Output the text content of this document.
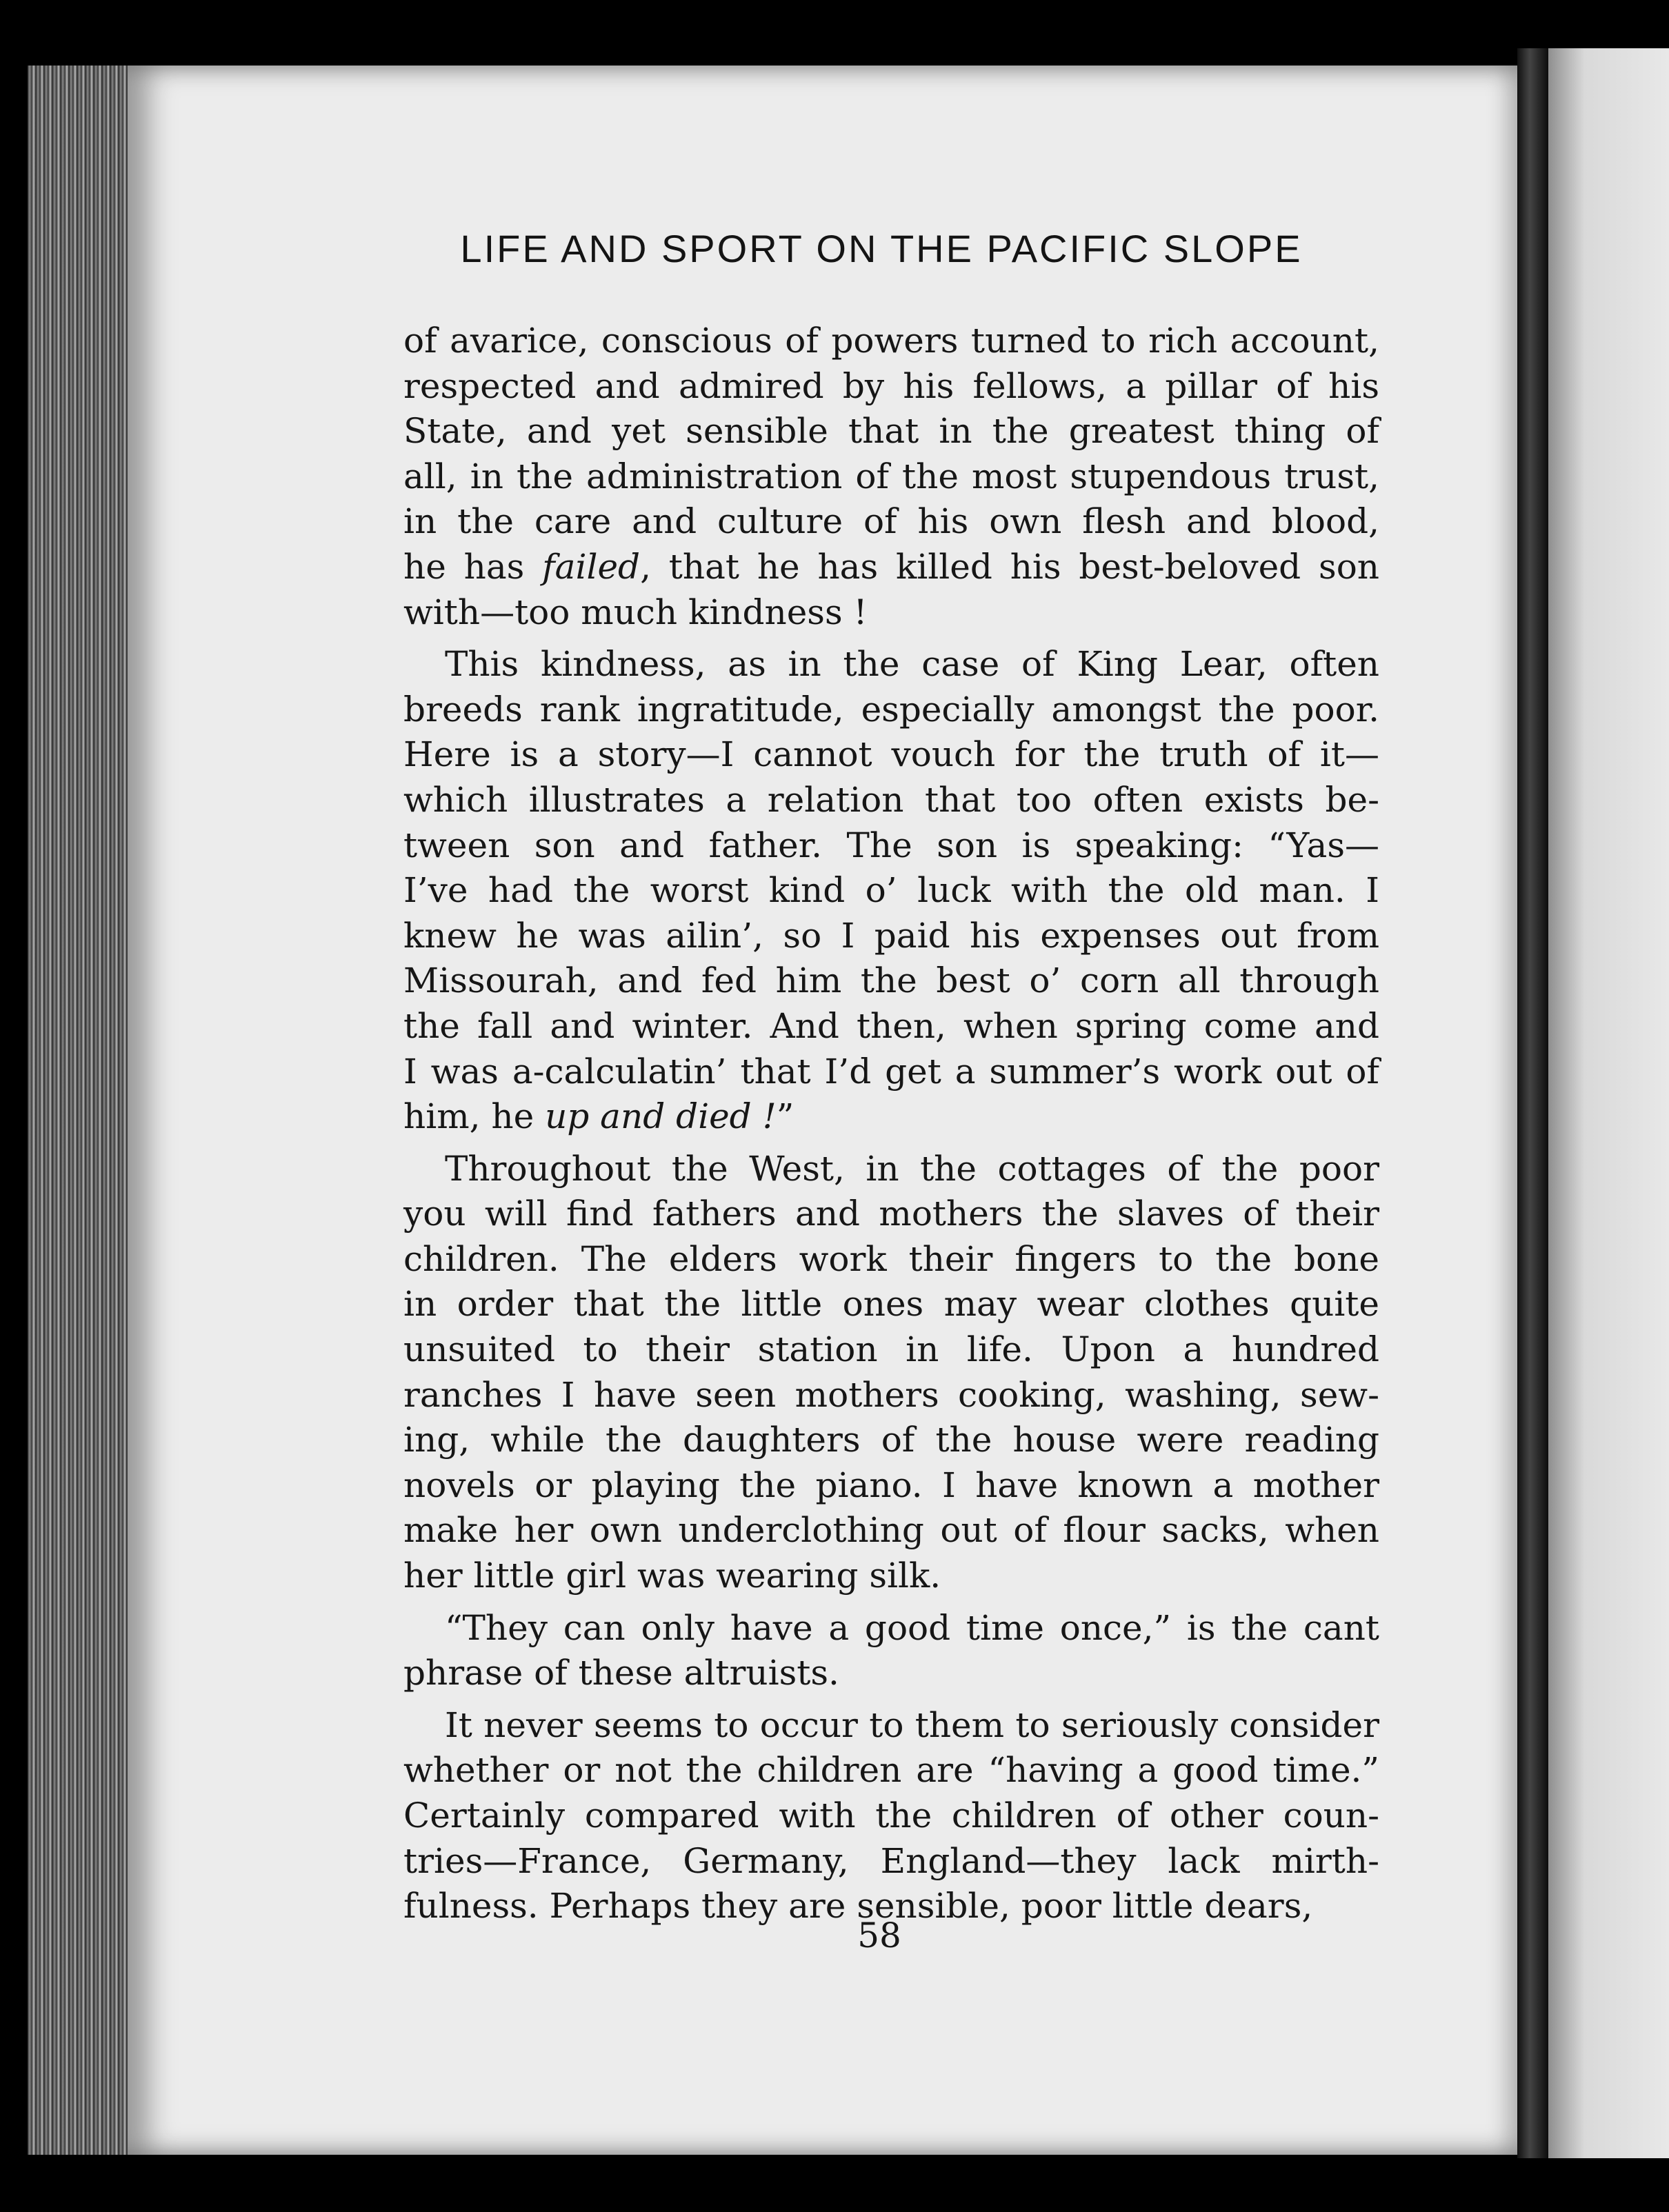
LIFE AND SPORT ON THE PACIFIC SLOPE
of avarice, conscious of powers turned to rich account,
respected and admired by his fellows, a pillar of his
State, and yet sensible that in the greatest thing of
all, in the administration of the most stupendous trust,
in the care and culture of his own flesh and blood,
he has failed, that he has killed his best-beloved son
with—too much kindness !
This kindness, as in the case of King Lear, often
breeds rank ingratitude, especially amongst the poor.
Here is a story—I cannot vouch for the truth of it—
which illustrates a relation that too often exists be-
tween son and father. The son is speaking: “Yas—
I’ve had the worst kind o’ luck with the old man. I
knew he was ailin’, so I paid his expenses out from
Missourah, and fed him the best o’ corn all through
the fall and winter. And then, when spring come and
I was a-calculatin’ that I’d get a summer’s work out of
him, he up and died !”
Throughout the West, in the cottages of the poor
you will find fathers and mothers the slaves of their
children. The elders work their fingers to the bone
in order that the little ones may wear clothes quite
unsuited to their station in life. Upon a hundred
ranches I have seen mothers cooking, washing, sew-
ing, while the daughters of the house were reading
novels or playing the piano. I have known a mother
make her own underclothing out of flour sacks, when
her little girl was wearing silk.
“They can only have a good time once,” is the cant
phrase of these altruists.
It never seems to occur to them to seriously consider
whether or not the children are “having a good time.”
Certainly compared with the children of other coun-
tries—France, Germany, England—they lack mirth-
fulness. Perhaps they are sensible, poor little dears,
58
